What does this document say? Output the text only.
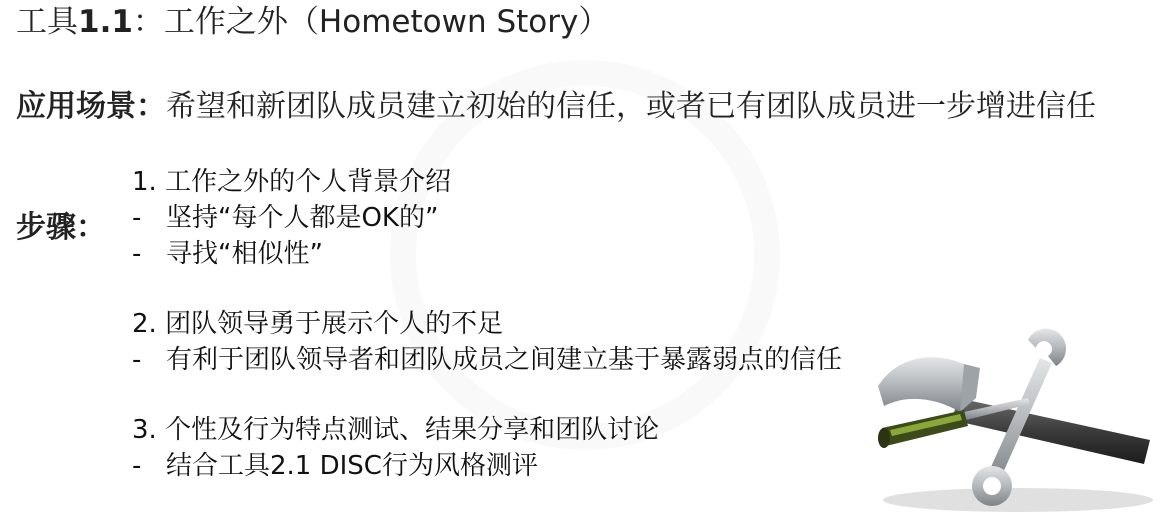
工具1.1：工作之外（Hometown Story）
应用场景：希望和新团队成员建立初始的信任，或者已有团队成员进一步增进信任
步骤：
1. 工作之外的个人背景介绍
- 坚持“每个人都是OK的”
- 寻找“相似性”
2. 团队领导勇于展示个人的不足
- 有利于团队领导者和团队成员之间建立基于暴露弱点的信任
3. 个性及行为特点测试、结果分享和团队讨论
- 结合工具2.1 DISC行为风格测评
